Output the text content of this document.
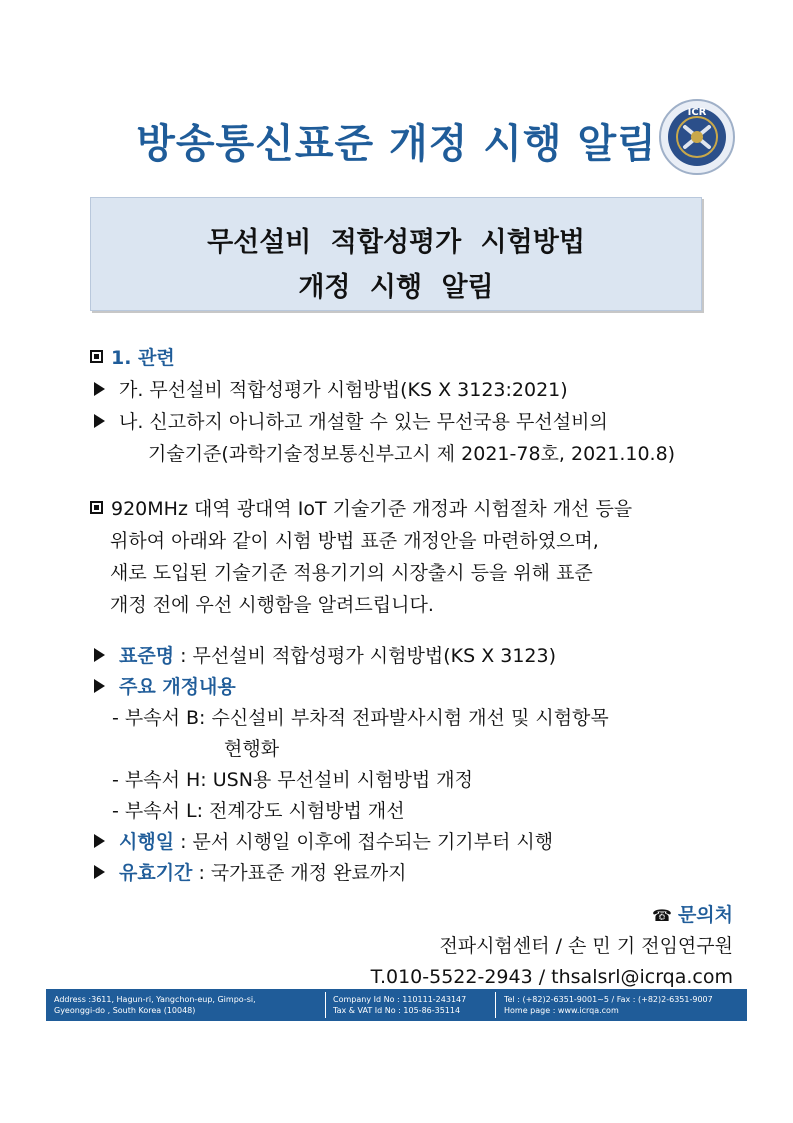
방송통신표준 개정 시행 알림
ICR
무선설비 적합성평가 시험방법
개정 시행 알림
1. 관련
가. 무선설비 적합성평가 시험방법(KS X 3123:2021)
나. 신고하지 아니하고 개설할 수 있는 무선국용 무선설비의
기술기준(과학기술정보통신부고시 제 2021-78호, 2021.10.8)
920MHz 대역 광대역 IoT 기술기준 개정과 시험절차 개선 등을
위하여 아래와 같이 시험 방법 표준 개정안을 마련하였으며,
새로 도입된 기술기준 적용기기의 시장출시 등을 위해 표준
개정 전에 우선 시행함을 알려드립니다.
표준명 : 무선설비 적합성평가 시험방법(KS X 3123)
주요 개정내용
- 부속서 B: 수신설비 부차적 전파발사시험 개선 및 시험항목
현행화
- 부속서 H: USN용 무선설비 시험방법 개정
- 부속서 L: 전계강도 시험방법 개선
시행일 : 문서 시행일 이후에 접수되는 기기부터 시행
유효기간 : 국가표준 개정 완료까지
☎ 문의처
전파시험센터 / 손 민 기 전임연구원
T.010-5522-2943 / thsalsrl@icrqa.com
Address :3611, Hagun-ri, Yangchon-eup, Gimpo-si,
Gyeonggi-do , South Korea (10048)
Company Id No : 110111-243147
Tax & VAT Id No : 105-86-35114
Tel : (+82)2-6351-9001~5 / Fax : (+82)2-6351-9007
Home page : www.icrqa.com
